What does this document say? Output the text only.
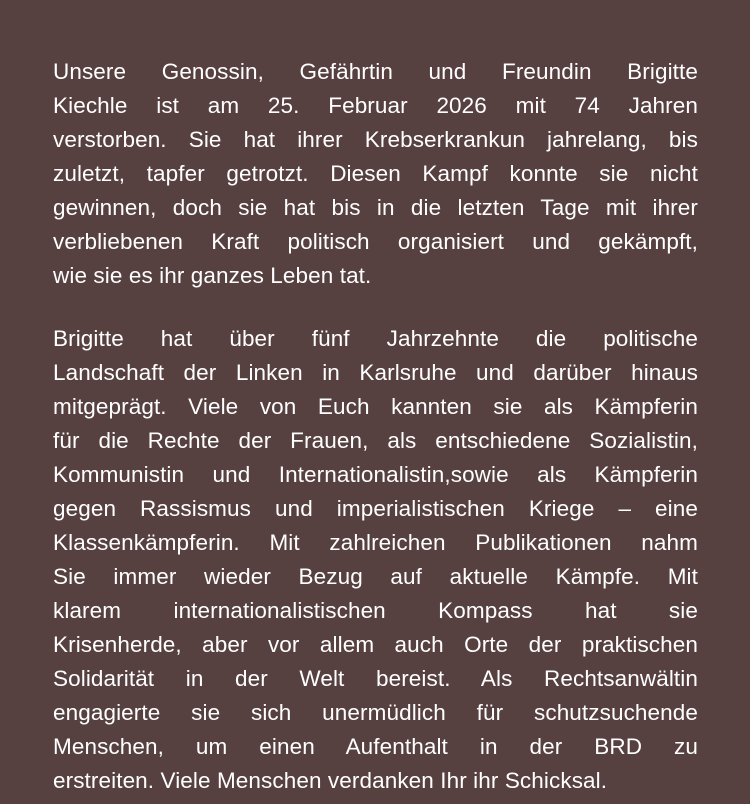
Unsere Genossin, Gefährtin und Freundin Brigitte
Kiechle ist am 25. Februar 2026 mit 74 Jahren
verstorben. Sie hat ihrer Krebserkrankun jahrelang, bis
zuletzt, tapfer getrotzt. Diesen Kampf konnte sie nicht
gewinnen, doch sie hat bis in die letzten Tage mit ihrer
verbliebenen Kraft politisch organisiert und gekämpft,
wie sie es ihr ganzes Leben tat.
Brigitte hat über fünf Jahrzehnte die politische
Landschaft der Linken in Karlsruhe und darüber hinaus
mitgeprägt. Viele von Euch kannten sie als Kämpferin
für die Rechte der Frauen, als entschiedene Sozialistin,
Kommunistin und Internationalistin,sowie als Kämpferin
gegen Rassismus und imperialistischen Kriege – eine
Klassenkämpferin. Mit zahlreichen Publikationen nahm
Sie immer wieder Bezug auf aktuelle Kämpfe. Mit
klarem internationalistischen Kompass hat sie
Krisenherde, aber vor allem auch Orte der praktischen
Solidarität in der Welt bereist. Als Rechtsanwältin
engagierte sie sich unermüdlich für schutzsuchende
Menschen, um einen Aufenthalt in der BRD zu
erstreiten. Viele Menschen verdanken Ihr ihr Schicksal.
